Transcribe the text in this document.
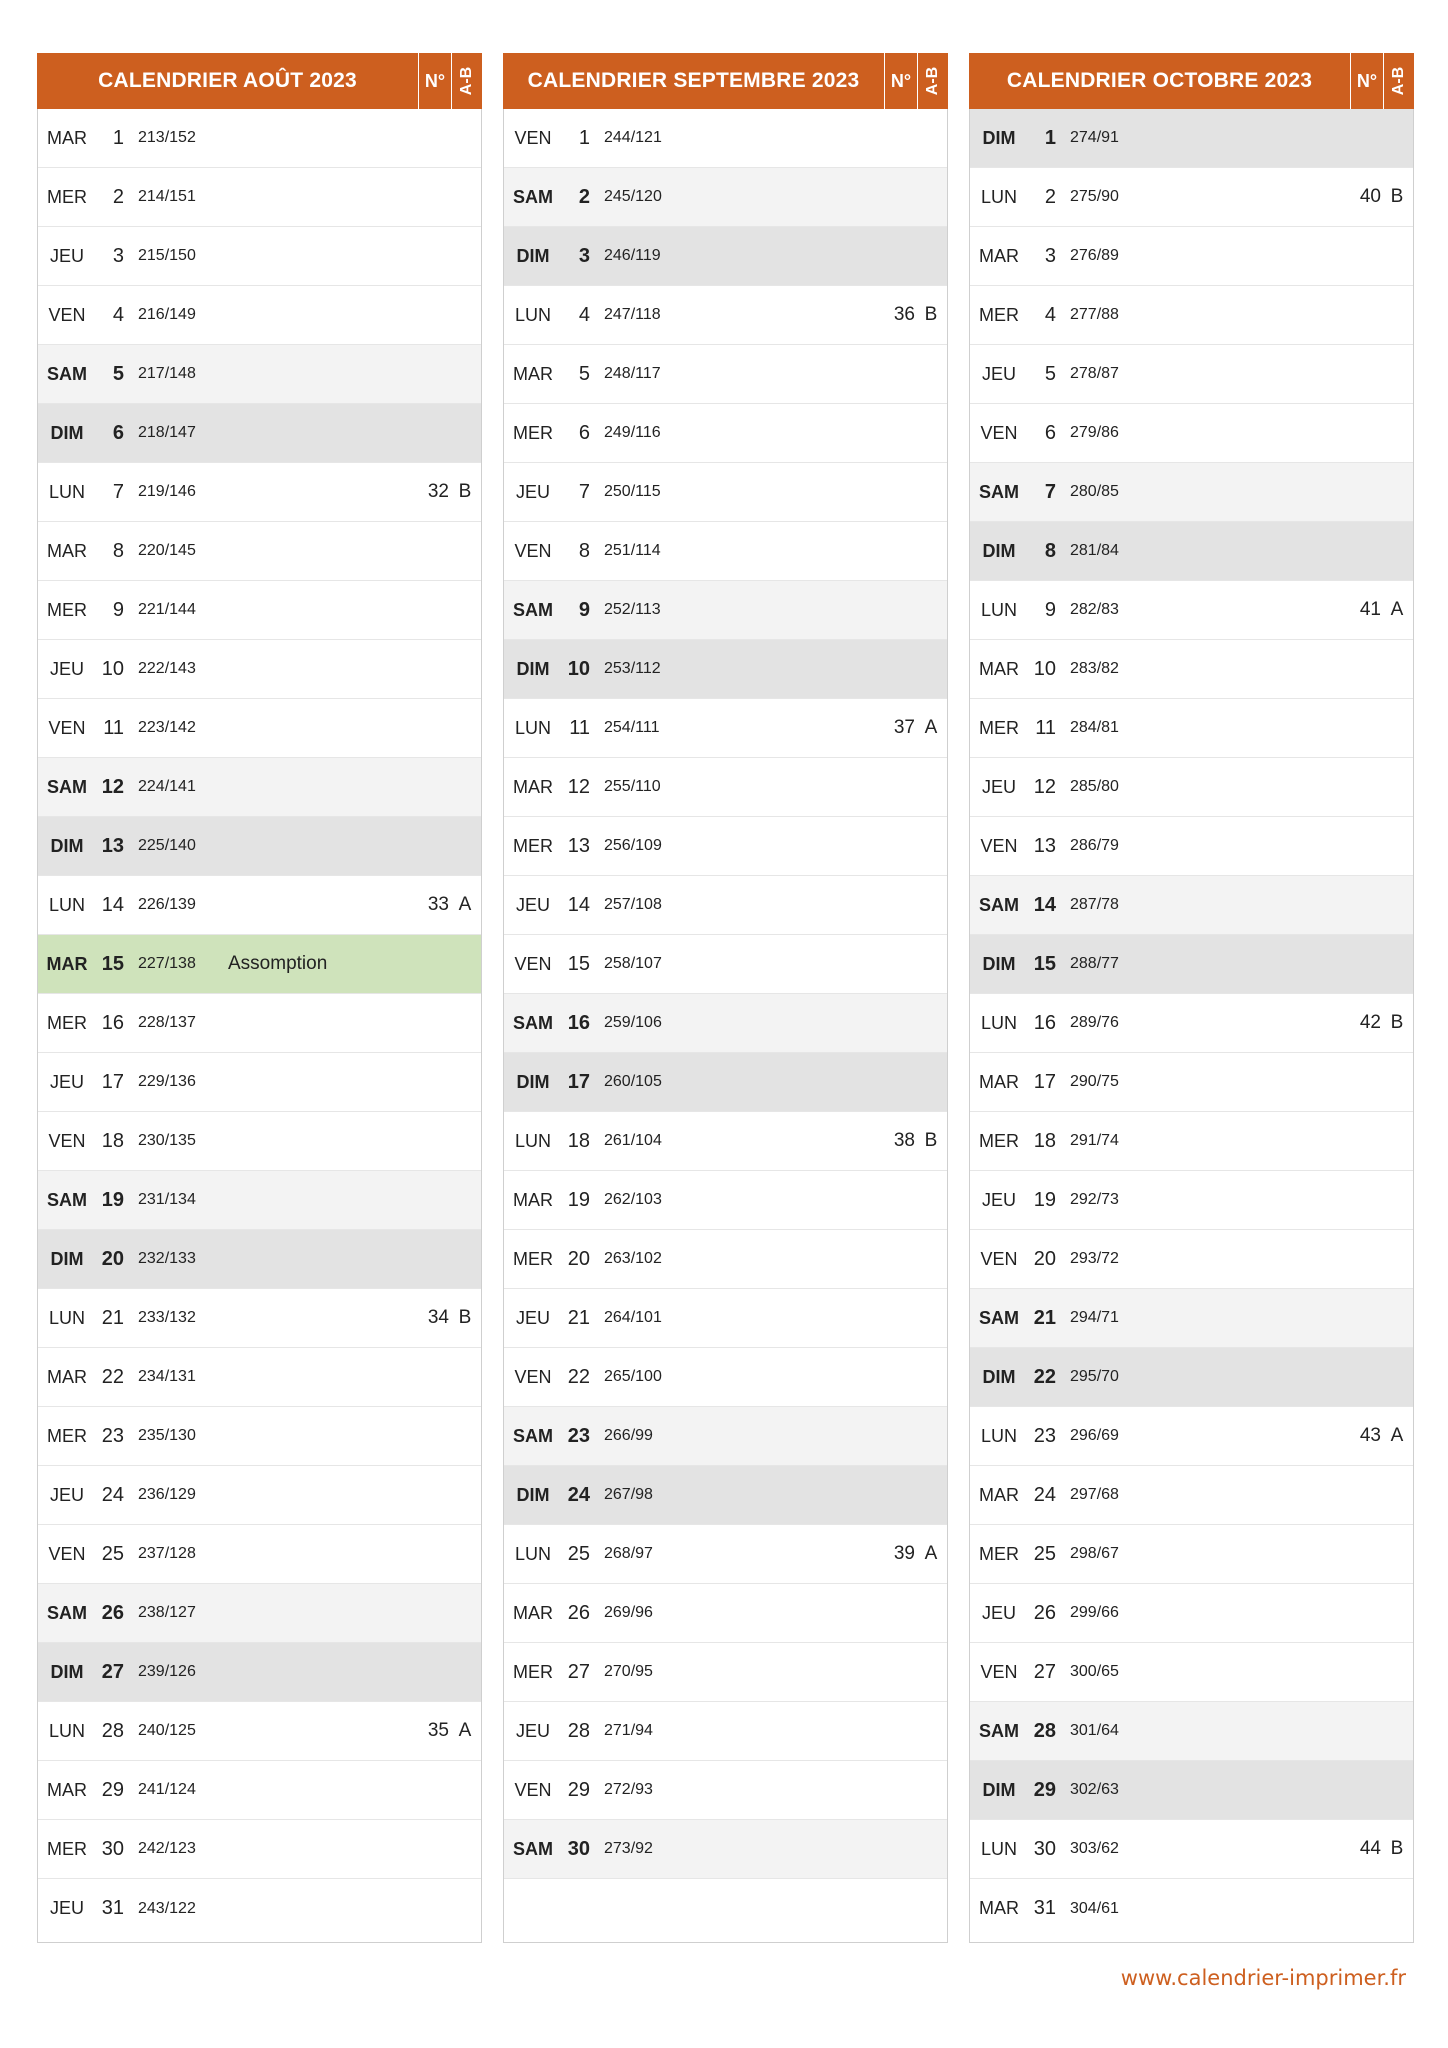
CALENDRIER AOÛT 2023	N° A-B
MAR	1 213/152
MER	2 214/151
JEU	3 215/150
VEN	4 216/149
SAM	5 217/148
DIM	6 218/147
LUN	7 219/146	32 B
MAR	8 220/145
MER	9 221/144
JEU 10 222/143
VEN 11 223/142
SAM 12 224/141
DIM 13 225/140
LUN 14 226/139	33 A
MAR 15 227/138	Assomption
MER 16 228/137
JEU 17 229/136
VEN 18 230/135
SAM 19 231/134
DIM 20 232/133
LUN 21 233/132	34 B
MAR 22 234/131
MER 23 235/130
JEU 24 236/129
VEN 25 237/128
SAM 26 238/127
DIM 27 239/126
LUN 28 240/125	35 A
MAR 29 241/124
MER 30 242/123
JEU 31 243/122
CALENDRIER SEPTEMBRE 2023	N° A-B
VEN	1 244/121
SAM	2 245/120
DIM	3 246/119
LUN	4 247/118	36 B
MAR	5 248/117
MER	6 249/116
JEU	7 250/115
VEN	8 251/114
SAM	9 252/113
DIM 10 253/112
LUN 11 254/111	37 A
MAR 12 255/110
MER 13 256/109
JEU 14 257/108
VEN 15 258/107
SAM 16 259/106
DIM 17 260/105
LUN 18 261/104	38 B
MAR 19 262/103
MER 20 263/102
JEU 21 264/101
VEN 22 265/100
SAM 23 266/99
DIM 24 267/98
LUN 25 268/97	39 A
MAR 26 269/96
MER 27 270/95
JEU 28 271/94
VEN 29 272/93
SAM 30 273/92
CALENDRIER OCTOBRE 2023	N° A-B
DIM	1 274/91
LUN	2 275/90	40 B
MAR	3 276/89
MER	4 277/88
JEU	5 278/87
VEN	6 279/86
SAM	7 280/85
DIM	8 281/84
LUN	9 282/83	41 A
MAR 10 283/82
MER 11 284/81
JEU 12 285/80
VEN 13 286/79
SAM 14 287/78
DIM 15 288/77
LUN 16 289/76	42 B
MAR 17 290/75
MER 18 291/74
JEU 19 292/73
VEN 20 293/72
SAM 21 294/71
DIM 22 295/70
LUN 23 296/69	43 A
MAR 24 297/68
MER 25 298/67
JEU 26 299/66
VEN 27 300/65
SAM 28 301/64
DIM 29 302/63
LUN 30 303/62	44 B
MAR 31 304/61
www.calendrier-imprimer.fr
